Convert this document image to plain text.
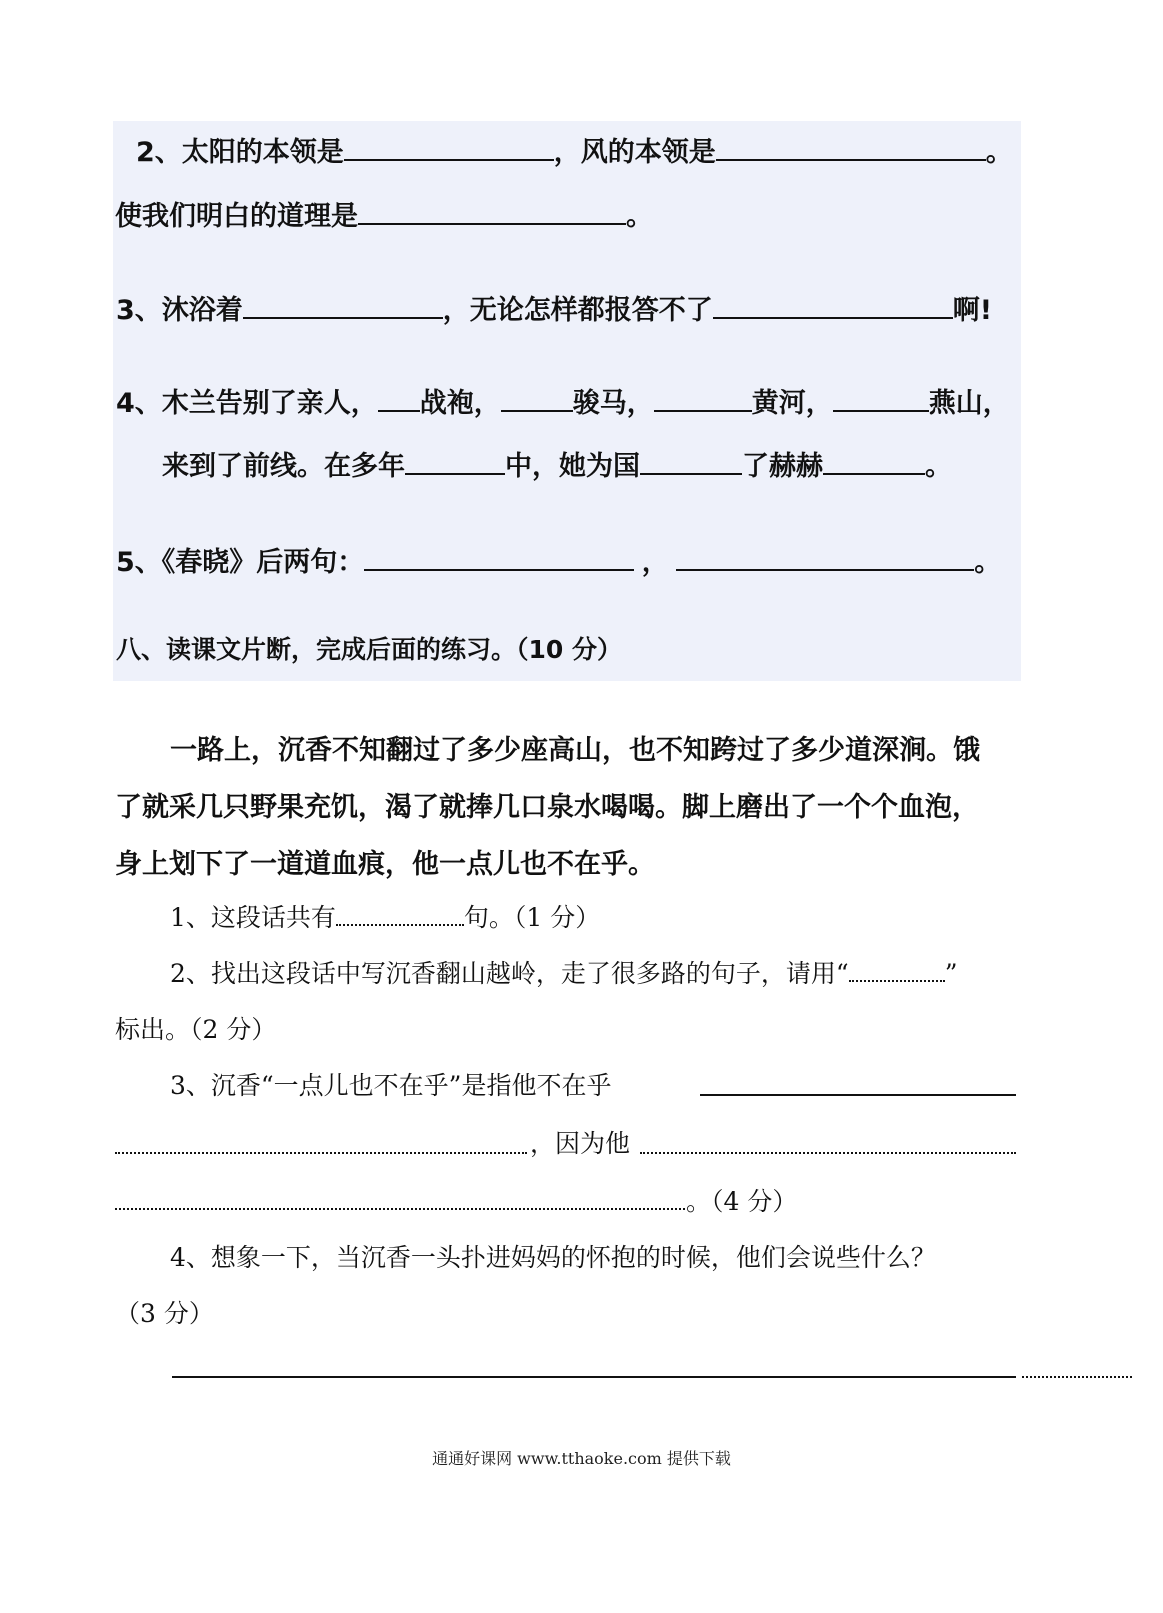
2、太阳的本领是	，风的本领是	。
使我们明白的道理是	。
3、沐浴着	，无论怎样都报答不了	啊!
4、木兰告别了亲人， 战袍，	骏马，	黄河，	燕山，
来到了前线。在多年	中，她为国	了赫赫	。
5、《春晓》后两句：	，	。
八、读课文片断，完成后面的练习。（10 分）
一路上，沉香不知翻过了多少座高山，也不知跨过了多少道深涧。饿
了就采几只野果充饥，渴了就捧几口泉水喝喝。脚上磨出了一个个血泡，
身上划下了一道道血痕，他一点儿也不在乎。
1、这段话共有	句。（1 分）
2、找出这段话中写沉香翻山越岭，走了很多路的句子，请用“	”
标出。（2 分）
3、沉香“一点儿也不在乎”是指他不在乎
，因为他
。（4 分）
4、想象一下，当沉香一头扑进妈妈的怀抱的时候，他们会说些什么？
（3 分）
通通好课网 www.tthaoke.com 提供下载
